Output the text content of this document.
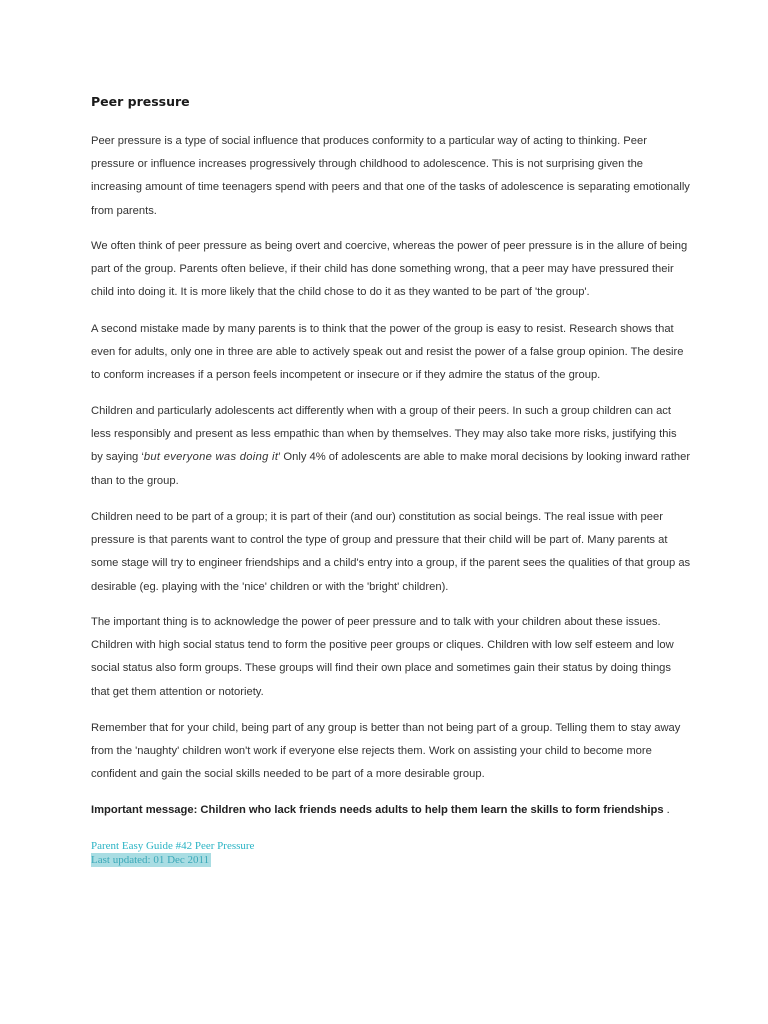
Peer pressure

Peer pressure is a type of social influence that produces conformity to a particular way of acting to thinking. Peer pressure or influence increases progressively through childhood to adolescence. This is not surprising given the increasing amount of time teenagers spend with peers and that one of the tasks of adolescence is separating emotionally from parents.

We often think of peer pressure as being overt and coercive, whereas the power of peer pressure is in the allure of being part of the group. Parents often believe, if their child has done something wrong, that a peer may have pressured their child into doing it. It is more likely that the child chose to do it as they wanted to be part of 'the group'.

A second mistake made by many parents is to think that the power of the group is easy to resist. Research shows that even for adults, only one in three are able to actively speak out and resist the power of a false group opinion. The desire to conform increases if a person feels incompetent or insecure or if they admire the status of the group.

Children and particularly adolescents act differently when with a group of their peers. In such a group children can act less responsibly and present as less empathic than when by themselves. They may also take more risks, justifying this by saying ‘but everyone was doing it’ Only 4% of adolescents are able to make moral decisions by looking inward rather than to the group.

Children need to be part of a group; it is part of their (and our) constitution as social beings. The real issue with peer pressure is that parents want to control the type of group and pressure that their child will be part of. Many parents at some stage will try to engineer friendships and a child's entry into a group, if the parent sees the qualities of that group as desirable (eg. playing with the 'nice' children or with the 'bright' children).

The important thing is to acknowledge the power of peer pressure and to talk with your children about these issues. Children with high social status tend to form the positive peer groups or cliques. Children with low self esteem and low social status also form groups. These groups will find their own place and sometimes gain their status by doing things that get them attention or notoriety.

Remember that for your child, being part of any group is better than not being part of a group. Telling them to stay away from the 'naughty' children won't work if everyone else rejects them. Work on assisting your child to become more confident and gain the social skills needed to be part of a more desirable group.

Important message: Children who lack friends needs adults to help them learn the skills to form friendships .

Parent Easy Guide #42 Peer Pressure
Last updated: 01 Dec 2011
